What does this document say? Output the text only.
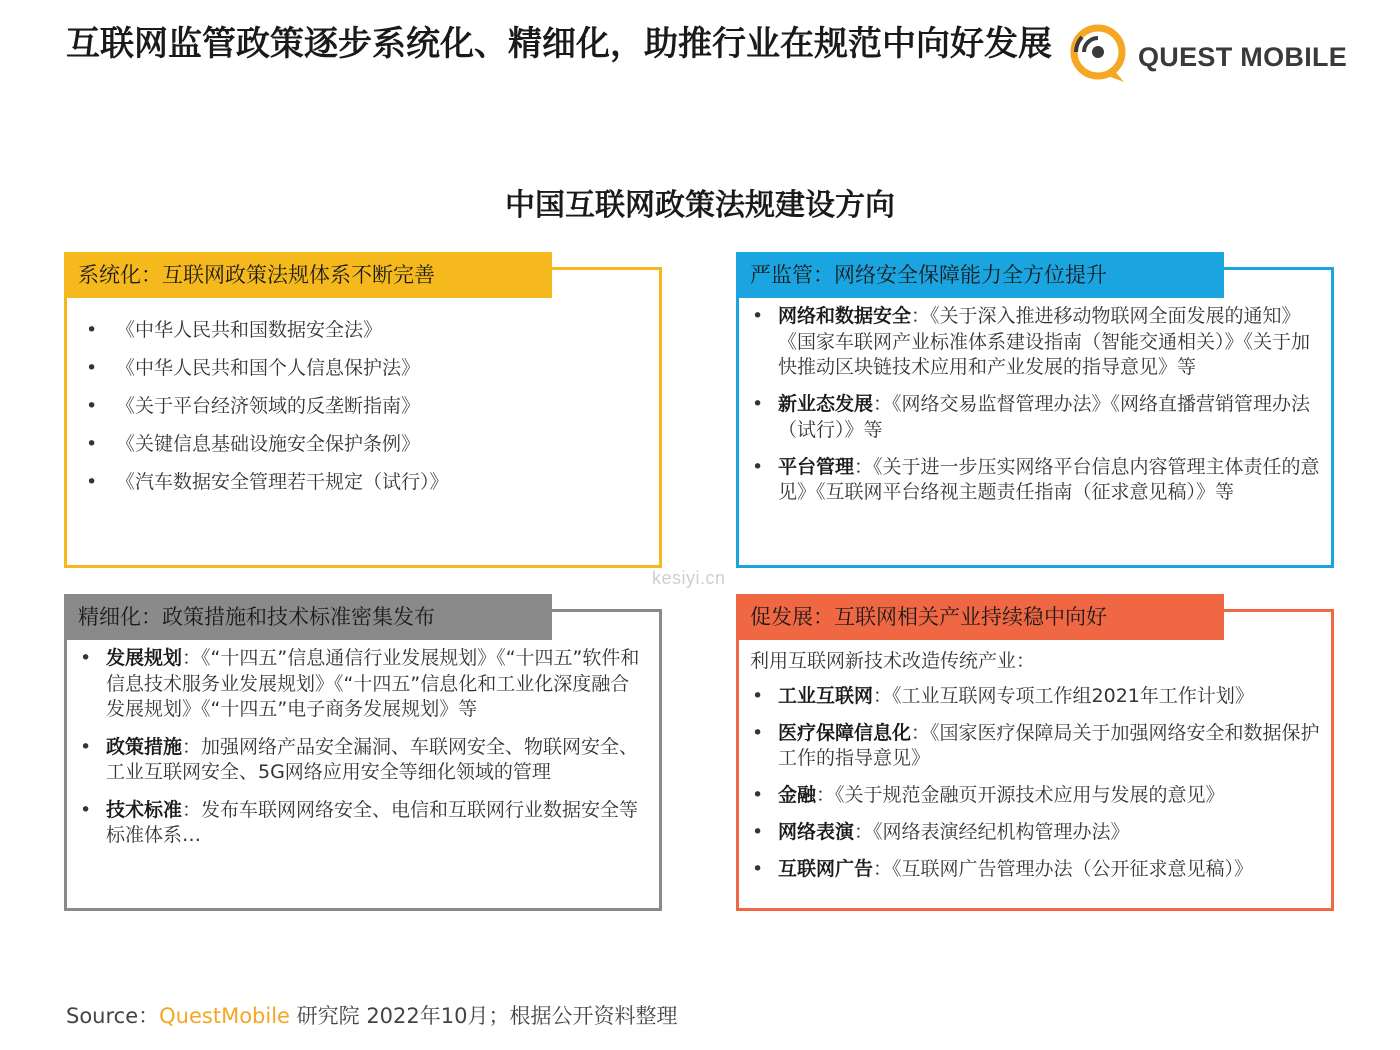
互联网监管政策逐步系统化、精细化，助推行业在规范中向好发展	QUEST MOBILE
中国互联网政策法规建设方向
系统化：互联网政策法规体系不断完善
• 《中华人民共和国数据安全法》
• 《中华人民共和国个人信息保护法》
• 《关于平台经济领域的反垄断指南》
• 《关键信息基础设施安全保护条例》
• 《汽车数据安全管理若干规定（试行）》
严监管：网络安全保障能力全方位提升
• 网络和数据安全：《关于深入推进移动物联网全面发展的通知》《国家车联网产业标准体系建设指南（智能交通相关）》《关于加快推动区块链技术应用和产业发展的指导意见》等
• 新业态发展：《网络交易监督管理办法》《网络直播营销管理办法（试行）》等
• 平台管理：《关于进一步压实网络平台信息内容管理主体责任的意见》《互联网平台络视主题责任指南（征求意见稿）》等
精细化：政策措施和技术标准密集发布
• 发展规划：《“十四五”信息通信行业发展规划》《“十四五”软件和信息技术服务业发展规划》《“十四五”信息化和工业化深度融合发展规划》《“十四五”电子商务发展规划》等
• 政策措施：加强网络产品安全漏洞、车联网安全、物联网安全、工业互联网安全、5G网络应用安全等细化领域的管理
• 技术标准：发布车联网网络安全、电信和互联网行业数据安全等标准体系…
促发展：互联网相关产业持续稳中向好
利用互联网新技术改造传统产业：
• 工业互联网：《工业互联网专项工作组2021年工作计划》
• 医疗保障信息化：《国家医疗保障局关于加强网络安全和数据保护工作的指导意见》
• 金融：《关于规范金融页开源技术应用与发展的意见》
• 网络表演：《网络表演经纪机构管理办法》
• 互联网广告：《互联网广告管理办法（公开征求意见稿）》
kesiyi.cn
Source：QuestMobile 研究院 2022年10月；根据公开资料整理
